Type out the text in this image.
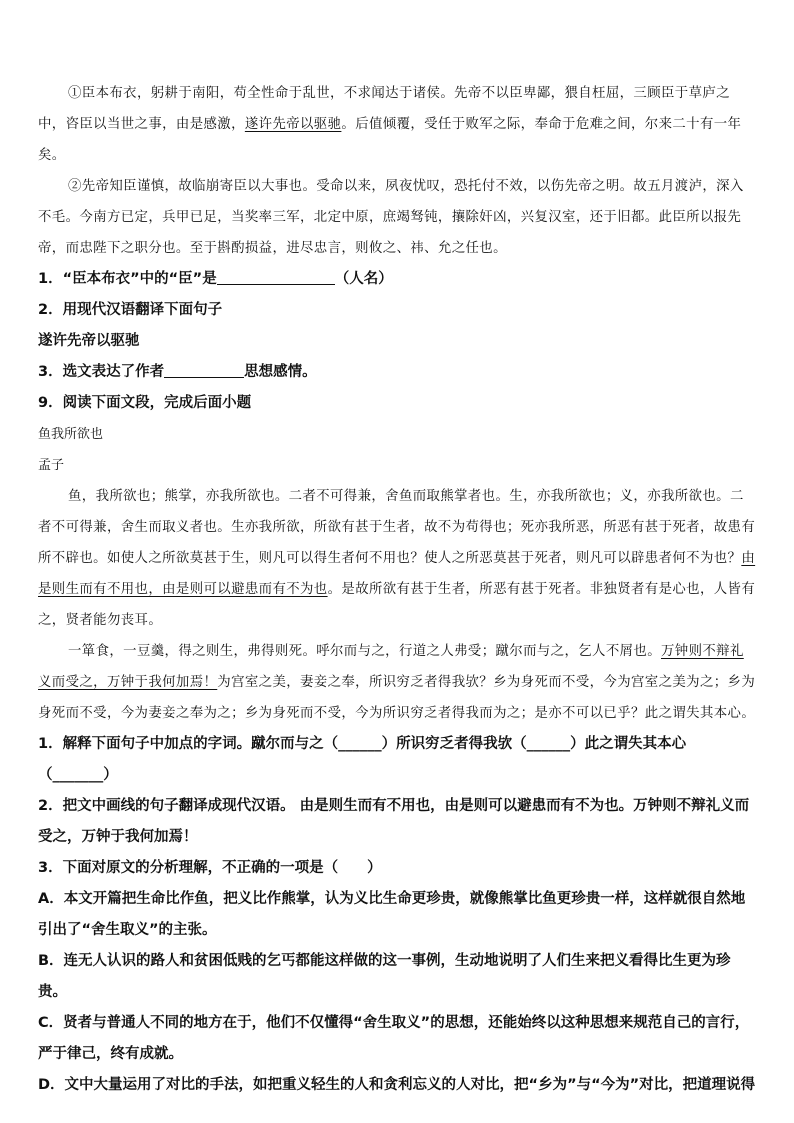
①臣本布衣，躬耕于南阳，苟全性命于乱世，不求闻达于诸侯。先帝不以臣卑鄙，猥自枉屈，三顾臣于草庐之中，咨臣以当世之事，由是感激，遂许先帝以驱驰。后值倾覆，受任于败军之际，奉命于危难之间，尔来二十有一年矣。

②先帝知臣谨慎，故临崩寄臣以大事也。受命以来，夙夜忧叹，恐托付不效，以伤先帝之明。故五月渡泸，深入不毛。今南方已定，兵甲已足，当奖率三军，北定中原，庶竭驽钝，攘除奸凶，兴复汉室，还于旧都。此臣所以报先帝，而忠陛下之职分也。至于斟酌损益，进尽忠言，则攸之、祎、允之任也。

1．“臣本布衣”中的“臣”是	（人名）

2．用现代汉语翻译下面句子

遂许先帝以驱驰

3．选文表达了作者	思想感情。

9．阅读下面文段，完成后面小题

鱼我所欲也

孟子

鱼，我所欲也；熊掌，亦我所欲也。二者不可得兼，舍鱼而取熊掌者也。生，亦我所欲也；义，亦我所欲也。二者不可得兼，舍生而取义者也。生亦我所欲，所欲有甚于生者，故不为苟得也；死亦我所恶，所恶有甚于死者，故患有所不辟也。如使人之所欲莫甚于生，则凡可以得生者何不用也？使人之所恶莫甚于死者，则凡可以辟患者何不为也？由是则生而有不用也，由是则可以避患而有不为也。是故所欲有甚于生者，所恶有甚于死者。非独贤者有是心也，人皆有之，贤者能勿丧耳。

一箪食，一豆羹，得之则生，弗得则死。呼尔而与之，行道之人弗受；蹴尔而与之，乞人不屑也。万钟则不辩礼义而受之，万钟于我何加焉！为宫室之美，妻妾之奉，所识穷乏者得我欤？乡为身死而不受，今为宫室之美为之；乡为身死而不受，今为妻妾之奉为之；乡为身死而不受，今为所识穷乏者得我而为之；是亦不可以已乎？此之谓失其本心。

1．解释下面句子中加点的字词。蹴尔而与之（______）所识穷乏者得我欤（______）此之谓失其本心（_______）

2．把文中画线的句子翻译成现代汉语。 由是则生而有不用也，由是则可以避患而有不为也。万钟则不辩礼义而受之，万钟于我何加焉！

3．下面对原文的分析理解，不正确的一项是（　　）

A．本文开篇把生命比作鱼，把义比作熊掌，认为义比生命更珍贵，就像熊掌比鱼更珍贵一样，这样就很自然地引出了“舍生取义”的主张。

B．连无人认识的路人和贫困低贱的乞丐都能这样做的这一事例，生动地说明了人们生来把义看得比生更为珍贵。

C．贤者与普通人不同的地方在于，他们不仅懂得“舍生取义”的思想，还能始终以这种思想来规范自己的言行，严于律己，终有成就。

D．文中大量运用了对比的手法，如把重义轻生的人和贪利忘义的人对比，把“乡为”与“今为”对比，把道理说得
